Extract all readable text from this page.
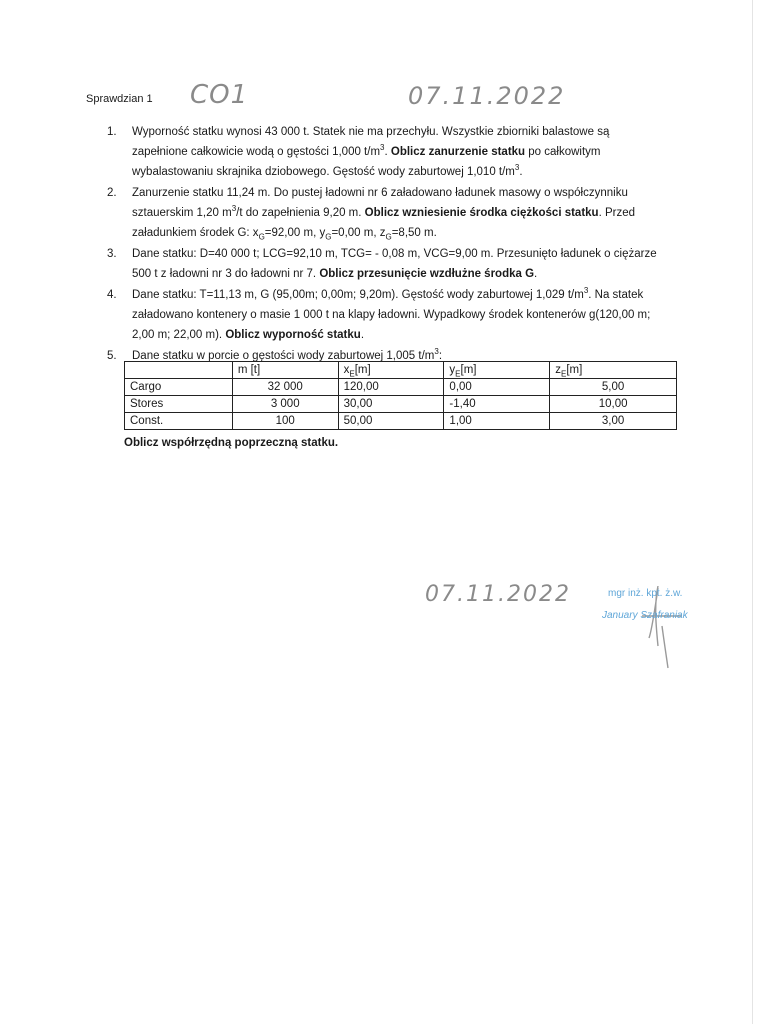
Sprawdzian 1 CO1	07.11.2022
1. Wyporność statku wynosi 43 000 t. Statek nie ma przechyłu. Wszystkie zbiorniki balastowe są zapełnione całkowicie wodą o gęstości 1,000 $t/m^3$. Oblicz zanurzenie statku po całkowitym wybalastowaniu skrajnika dziobowego. Gęstość wody zaburtowej 1,010 $t/m^3$.
2. Zanurzenie statku 11,24 m. Do pustej ładowni nr 6 załadowano ładunek masowy o współczynniku sztauerskim 1,20 $m^3/t$ do zapełnienia 9,20 m. Oblicz wzniesienie środka ciężkości statku. Przed załadunkiem środek G: $x_G=92,00$ m, $y_G=0,00$ m, $z_G=8,50$ m.
3. Dane statku: D=40 000 t; LCG=92,10 m, TCG= - 0,08 m, VCG=9,00 m. Przesunięto ładunek o ciężarze 500 t z ładowni nr 3 do ładowni nr 7. Oblicz przesunięcie wzdłużne środka G.
4. Dane statku: T=11,13 m, G (95,00m; 0,00m; 9,20m). Gęstość wody zaburtowej 1,029 $t/m^3$. Na statek załadowano kontenery o masie 1 000 t na klapy ładowni. Wypadkowy środek kontenerów g(120,00 m; 2,00 m; 22,00 m). Oblicz wyporność statku.
5. Dane statku w porcie o gęstości wody zaburtowej 1,005 $t/m^3$:
	m [t]	$x_E[m]$	$y_E[m]$	$z_E[m]$
Cargo	32 000	120,00	0,00	5,00
Stores	3 000	30,00	-1,40	10,00
Const.	100	50,00	1,00	3,00
Oblicz współrzędną poprzeczną statku.
07.11.2022	mgr inż. kpt. ż.w.
January Szafraniak
